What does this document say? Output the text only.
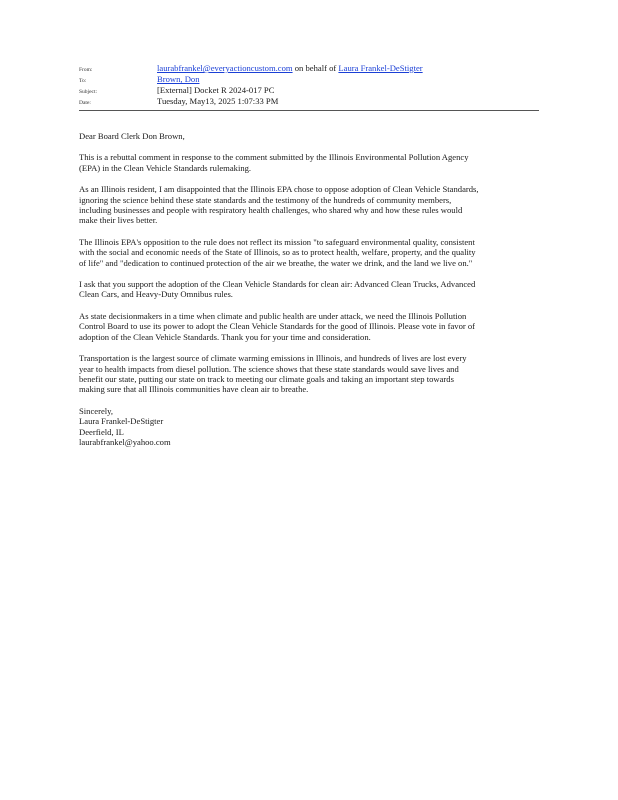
From:	laurabfrankel@everyactioncustom.com on behalf of Laura Frankel-DeStigter
To:	Brown, Don
Subject:	[External] Docket R 2024-017 PC
Date:	Tuesday, May13, 2025 1:07:33 PM

Dear Board Clerk Don Brown,

This is a rebuttal comment in response to the comment submitted by the Illinois Environmental Pollution Agency
(EPA) in the Clean Vehicle Standards rulemaking.

As an Illinois resident, I am disappointed that the Illinois EPA chose to oppose adoption of Clean Vehicle Standards,
ignoring the science behind these state standards and the testimony of the hundreds of community members,
including businesses and people with respiratory health challenges, who shared why and how these rules would
make their lives better.

The Illinois EPA's opposition to the rule does not reflect its mission "to safeguard environmental quality, consistent
with the social and economic needs of the State of Illinois, so as to protect health, welfare, property, and the quality
of life" and "dedication to continued protection of the air we breathe, the water we drink, and the land we live on."

I ask that you support the adoption of the Clean Vehicle Standards for clean air: Advanced Clean Trucks, Advanced
Clean Cars, and Heavy-Duty Omnibus rules.

As state decisionmakers in a time when climate and public health are under attack, we need the Illinois Pollution
Control Board to use its power to adopt the Clean Vehicle Standards for the good of Illinois. Please vote in favor of
adoption of the Clean Vehicle Standards. Thank you for your time and consideration.

Transportation is the largest source of climate warming emissions in Illinois, and hundreds of lives are lost every
year to health impacts from diesel pollution. The science shows that these state standards would save lives and
benefit our state, putting our state on track to meeting our climate goals and taking an important step towards
making sure that all Illinois communities have clean air to breathe.

Sincerely,
Laura Frankel-DeStigter
Deerfield, IL
laurabfrankel@yahoo.com
